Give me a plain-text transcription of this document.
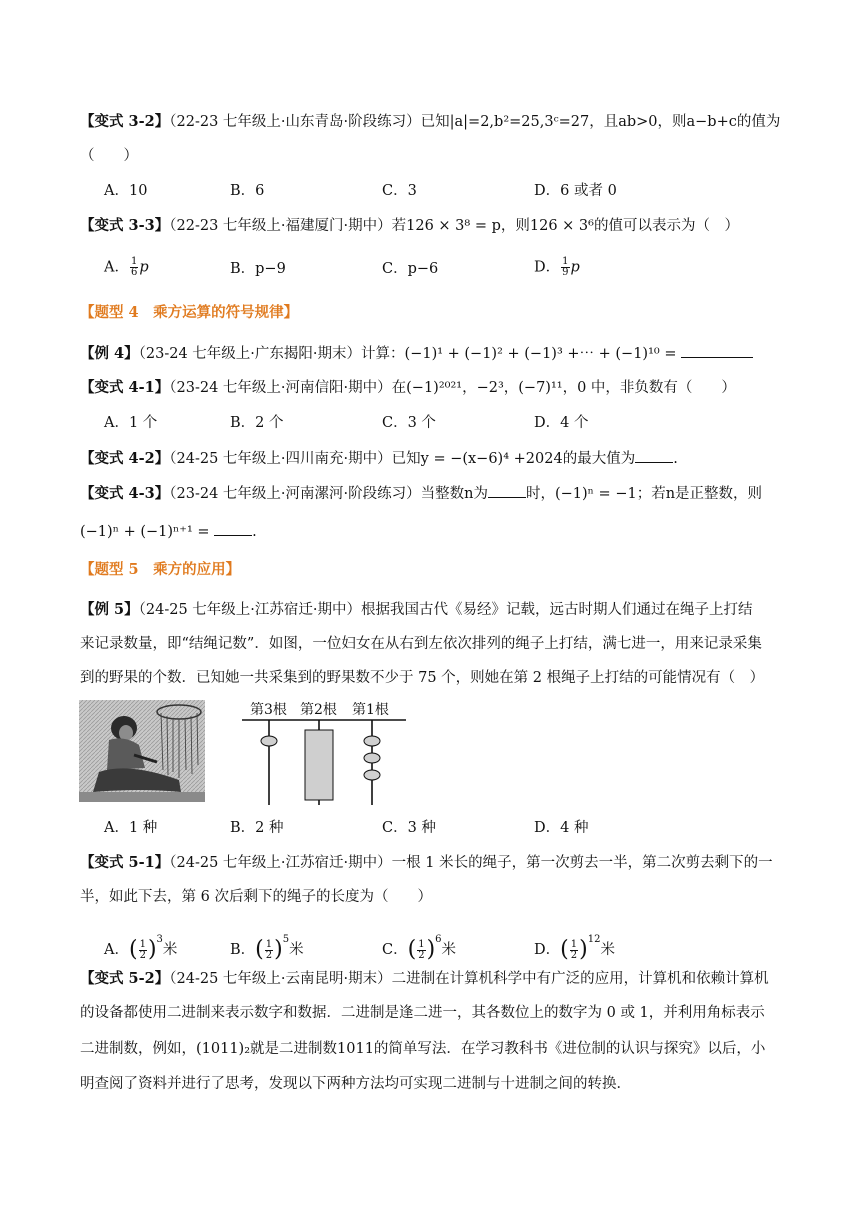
【变式 3-2】（22-23 七年级上·山东青岛·阶段练习）已知|a|=2,b²=25,3ᶜ=27，且ab>0，则a−b+c的值为
（　　）
A．10	B．6	C．3	D．6 或者 0
【变式 3-3】（22-23 七年级上·福建厦门·期中）若126 × 3⁸ = p，则126 × 3⁶的值可以表示为（　）
A． $\frac{1}{6}$ p	B．p−9	C．p−6	D． $\frac{1}{9}$ p
【题型 4　乘方运算的符号规律】
【例 4】（23-24 七年级上·广东揭阳·期末）计算：(−1)¹ + (−1)² + (−1)³ +⋯ + (−1)¹⁰ =
【变式 4-1】（23-24 七年级上·河南信阳·期中）在(−1)²⁰²¹，−2³，(−7)¹¹，0 中，非负数有（　　）
A．1 个	B．2 个	C．3 个	D．4 个
【变式 4-2】（24-25 七年级上·四川南充·期中）已知y = −(x−6)⁴ +2024的最大值为	.
【变式 4-3】（23-24 七年级上·河南漯河·阶段练习）当整数n为	时，(−1)ⁿ = −1；若n是正整数，则
(−1)ⁿ + (−1)ⁿ⁺¹ =	.
【题型 5　乘方的应用】
【例 5】（24-25 七年级上·江苏宿迁·期中）根据我国古代《易经》记载，远古时期人们通过在绳子上打结
来记录数量，即“结绳记数”．如图，一位妇女在从右到左依次排列的绳子上打结，满七进一，用来记录采集
到的野果的个数．已知她一共采集到的野果数不少于 75 个，则她在第 2 根绳子上打结的可能情况有（　）
第3根 第2根 第1根
A．1 种	B．2 种	C．3 种	D．4 种
【变式 5-1】（24-25 七年级上·江苏宿迁·期中）一根 1 米长的绳子，第一次剪去一半，第二次剪去剩下的一
半，如此下去，第 6 次后剩下的绳子的长度为（　　）
A．( $\frac{1}{2} )^3$米	B．( $\frac{1}{2} )^5$米	C．( $\frac{1}{2} )^6$米	D．( $\frac{1}{2} )^{12}$米
【变式 5-2】（24-25 七年级上·云南昆明·期末）二进制在计算机科学中有广泛的应用，计算机和依赖计算机
的设备都使用二进制来表示数字和数据．二进制是逢二进一，其各数位上的数字为 0 或 1，并利用角标表示
二进制数，例如，(1011)₂就是二进制数1011的简单写法．在学习教科书《进位制的认识与探究》以后，小
明查阅了资料并进行了思考，发现以下两种方法均可实现二进制与十进制之间的转换．
